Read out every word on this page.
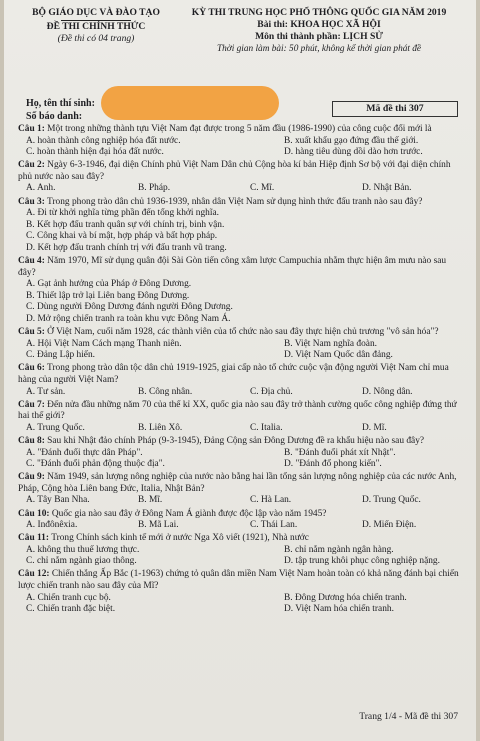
BỘ GIÁO DỤC VÀ ĐÀO TẠO
ĐỀ THI CHÍNH THỨC
(Đề thi có 04 trang)
KỲ THI TRUNG HỌC PHỔ THÔNG QUỐC GIA NĂM 2019
Bài thi: KHOA HỌC XÃ HỘI
Môn thi thành phần: LỊCH SỬ
Thời gian làm bài: 50 phút, không kể thời gian phát đề
Họ, tên thí sinh:
Số báo danh:
Mã đề thi 307
Câu 1: Một trong những thành tựu Việt Nam đạt được trong 5 năm đầu (1986-1990) của công cuộc đổi mới là
A. hoàn thành công nghiệp hóa đất nước.	B. xuất khẩu gạo đứng đầu thế giới.
C. hoàn thành hiện đại hóa đất nước.	D. hàng tiêu dùng dồi dào hơn trước.
Câu 2: Ngày 6-3-1946, đại diện Chính phủ Việt Nam Dân chủ Cộng hòa kí bản Hiệp định Sơ bộ với đại diện chính phủ nước nào sau đây?
A. Anh.	B. Pháp.	C. Mĩ.	D. Nhật Bản.
Câu 3: Trong phong trào dân chủ 1936-1939, nhân dân Việt Nam sử dụng hình thức đấu tranh nào sau đây?
A. Đi từ khởi nghĩa từng phần đến tổng khởi nghĩa.
B. Kết hợp đấu tranh quân sự với chính trị, binh vận.
C. Công khai và bí mật, hợp pháp và bất hợp pháp.
D. Kết hợp đấu tranh chính trị với đấu tranh vũ trang.
Câu 4: Năm 1970, Mĩ sử dụng quân đội Sài Gòn tiến công xâm lược Campuchia nhằm thực hiện âm mưu nào sau đây?
A. Gạt ảnh hưởng của Pháp ở Đông Dương.
B. Thiết lập trở lại Liên bang Đông Dương.
C. Dùng người Đông Dương đánh người Đông Dương.
D. Mở rộng chiến tranh ra toàn khu vực Đông Nam Á.
Câu 5: Ở Việt Nam, cuối năm 1928, các thành viên của tổ chức nào sau đây thực hiện chủ trương "vô sản hóa"?
A. Hội Việt Nam Cách mạng Thanh niên.	B. Việt Nam nghĩa đoàn.
C. Đảng Lập hiến.	D. Việt Nam Quốc dân đảng.
Câu 6: Trong phong trào dân tộc dân chủ 1919-1925, giai cấp nào tổ chức cuộc vận động người Việt Nam chỉ mua hàng của người Việt Nam?
A. Tư sản.	B. Công nhân.	C. Địa chủ.	D. Nông dân.
Câu 7: Đến nửa đầu những năm 70 của thế kỉ XX, quốc gia nào sau đây trở thành cường quốc công nghiệp đứng thứ hai thế giới?
A. Trung Quốc.	B. Liên Xô.	C. Italia.	D. Mĩ.
Câu 8: Sau khi Nhật đảo chính Pháp (9-3-1945), Đảng Cộng sản Đông Dương đề ra khẩu hiệu nào sau đây?
A. "Đánh đuổi thực dân Pháp".	B. "Đánh đuổi phát xít Nhật".
C. "Đánh đuổi phản động thuộc địa".	D. "Đánh đổ phong kiến".
Câu 9: Năm 1949, sản lượng nông nghiệp của nước nào bằng hai lần tổng sản lượng nông nghiệp của các nước Anh, Pháp, Cộng hòa Liên bang Đức, Italia, Nhật Bản?
A. Tây Ban Nha.	B. Mĩ.	C. Hà Lan.	D. Trung Quốc.
Câu 10: Quốc gia nào sau đây ở Đông Nam Á giành được độc lập vào năm 1945?
A. Inđônêxia.	B. Mã Lai.	C. Thái Lan.	D. Miến Điện.
Câu 11: Trong Chính sách kinh tế mới ở nước Nga Xô viết (1921), Nhà nước
A. không thu thuế lương thực.	B. chỉ nắm ngành ngân hàng.
C. chỉ nắm ngành giao thông.	D. tập trung khôi phục công nghiệp nặng.
Câu 12: Chiến thắng Ấp Bắc (1-1963) chứng tỏ quân dân miền Nam Việt Nam hoàn toàn có khả năng đánh bại chiến lược chiến tranh nào sau đây của Mĩ?
A. Chiến tranh cục bộ.	B. Đông Dương hóa chiến tranh.
C. Chiến tranh đặc biệt.	D. Việt Nam hóa chiến tranh.
Trang 1/4 - Mã đề thi 307
